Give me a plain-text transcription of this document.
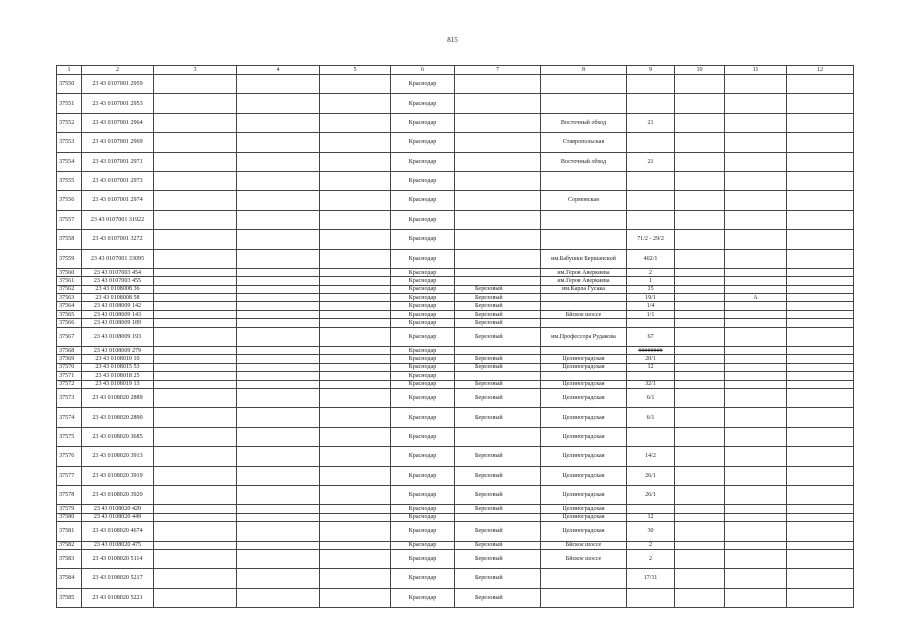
815
1	2	3	4	5	6	7	8	9	10	11	12
37550	23 43 0107001 2959				Краснодар						
37551	23 43 0107001 2953				Краснодар						
37552	23 43 0107001 2964				Краснодар		Восточный обход	21			
37553	23 43 0107001 2969				Краснодар		Ставропольская				
37554	23 43 0107001 2971				Краснодар		Восточный обход	21			
37555	23 43 0107001 2973				Краснодар						
37556	23 43 0107001 2974				Краснодар		Сормовская				
37557	23 43 0107001 31922				Краснодар						
37558	23 43 0107001 3272				Краснодар			71/2 - 29/2			
37559	23 43 0107001 33095				Краснодар		им.Бабушки Бершанской	402/1			
37560	23 43 0107003 454				Краснодар		им.Героя Аверкиева	2			
37561	23 43 0107003 455				Краснодар		им.Героя Аверкиева	1			
37562	23 43 0108008 36				Краснодар	Березовый	им.Карла Гусака	15			
37563	23 43 0108008 58				Краснодар	Березовый		19/1		А	
37564	23 43 0108009 142				Краснодар	Березовый		1/4			
37565	23 43 0108009 143				Краснодар	Березовый	Бйское шоссе	1/1			
37566	23 43 0108009 189				Краснодар	Березовый					
37567	23 43 0108009 193				Краснодар	Березовый	им.Профессора Рудакова	67			
37568	23 43 0108009 279				Краснодар			########			
37569	23 43 0108010 10				Краснодар	Березовый	Целиноградская	20/1			
37570	23 43 0108015 53				Краснодар	Березовый	Целиноградская	12			
37571	23 43 0108018 25				Краснодар						
37572	23 43 0108019 13				Краснодар	Березовый	Целиноградская	32/1			
37573	23 43 0108020 2889				Краснодар	Березовый	Целиноградская	6/1			
37574	23 43 0108020 2890				Краснодар	Березовый	Целиноградская	6/1			
37575	23 43 0108020 3685				Краснодар		Целиноградская				
37576	23 43 0108020 3913				Краснодар	Березовый	Целиноградская	14/2			
37577	23 43 0108020 3919				Краснодар	Березовый	Целиноградская	26/1			
37578	23 43 0108020 3929				Краснодар	Березовый	Целиноградская	26/1			
37579	23 43 0108020 420				Краснодар	Березовый	Целиноградская				
37580	23 43 0108020 449				Краснодар		Целиноградская	12			
37581	23 43 0108020 4674				Краснодар	Березовый	Целиноградская	30			
37582	23 43 0108020 475				Краснодар	Березовый	Бйское шоссе	2			
37583	23 43 0108020 5114				Краснодар	Березовый	Бйское шоссе	2			
37584	23 43 0108020 5217				Краснодар	Березовый		17/11			
37585	23 43 0108020 5221				Краснодар	Березовый					
